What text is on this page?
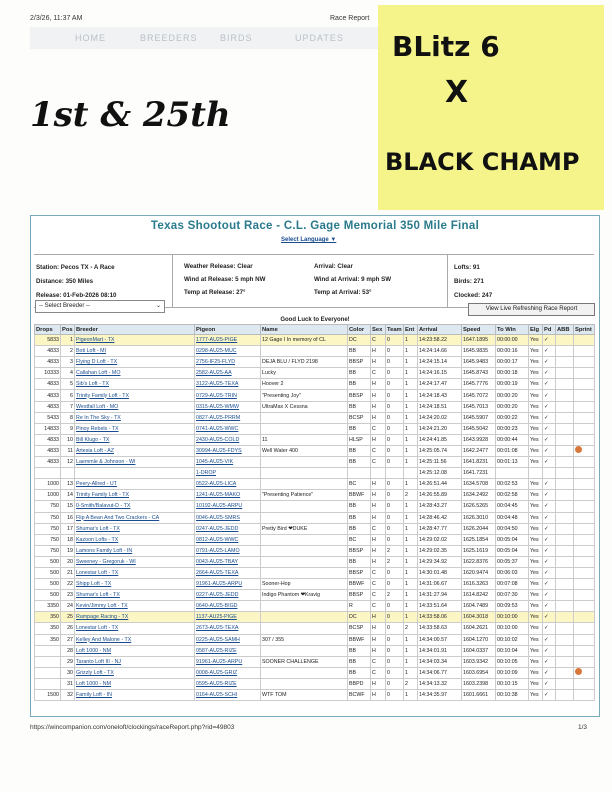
2/3/26, 11:37 AM	Race Report
HOME	BREEDERS BIRDS	UPDATES
1st & 25th
BLitz 6
X
BLACK CHAMP
Texas Shootout Race - C.L. Gage Memorial 350 Mile Final
Select Language ▼
Station: Pecos TX - A Race
Distance: 350 Miles
Release: 01-Feb-2026 08:10
Weather Release: Clear	Arrival: Clear
Wind at Release: 5 mph NW	Wind at Arrival: 9 mph SW
Temp at Release: 27°	Temp at Arrival: 53°
Lofts: 91
Birds: 271
Clocked: 247
-- Select Breeder --	⌄	View Live Refreshing Race Report
Good Luck to Everyone!
Drops	Pos	Breeder	Pigeon	Name	Color	Sex	Team	Ent	Arrival	Speed	To Win	Elg	Pd	ABB	Sprint
5833	1	PigeonMart - TX	1777-AU25-PIGE	12 Gage I In memory of CL	DC	C	0	1	14:23:58.22	1647.1895	00:00:00	Yes	✓		
4833	2	Boti Loft - MI	0298-AU25-MUC		BB	H	0	1	14:24:14.66	1645.9835	00:00:16	Yes	✓		
4833	3	Flying D Loft - TX	2756-IF25-FLYD	DEJA BLU / FLYD 2198	BBSP	H	0	1	14:24:15.14	1645.9483	00:00:17	Yes	✓		
10333	4	Callahan Loft - MO	2582-AU25-AA	Lucky	BB	C	0	1	14:24:16.15	1645.8743	00:00:18	Yes	✓		
4833	5	Sib's Loft - TX	3122-AU25-TEXA	Hoover 2	BB	H	0	1	14:24:17.47	1645.7776	00:00:19	Yes	✓		
4833	6	Trinity Family Loft - TX	0729-AU25-TRIN	"Presenting Joy"	BBSP	H	0	1	14:24:18.43	1645.7072	00:00:20	Yes	✓		
4833	7	Westfall Loft - MO	0315-AU25-WMW	UltraMax X Cessna	BB	H	0	1	14:24:18.51	1645.7013	00:00:20	Yes	✓		
5433	8	Re In The Sky - TX	0827-AU25-PRRM		BCSP	H	0	1	14:24:20.02	1645.5907	00:00:22	Yes	✓		
14833	9	Pinoy Rebels - TX	0741-AU25-WWC		BB	C	0	1	14:24:21.20	1645.5042	00:00:23	Yes	✓		
4833	10	Bill Klugo - TX	2430-AU25-COLD	11	HLSP	H	0	1	14:24:41.85	1643.9928	00:00:44	Yes	✓		
4833	11	Artesia Loft - AZ	30994-AU25-FDYS	Well Water 400	BB	C	0	1	14:25:05.74	1642.2477	00:01:08	Yes	✓		
4833	12	Laemmle & Johnson - WI	1045-AU25-VIK		BB	C	0	1	14:25:11.56	1641.8231	00:01:13	Yes	✓		
			1-DROP						14:25:12.08	1641.7231					
1000	13	Peery-Allred - UT	0522-AU25-LICA		BC	H	0	1	14:26:51.44	1634.5708	00:02:53	Yes	✓		
1000	14	Trinity Family Loft - TX	1241-AU25-MAKO	"Presenting Patience"	BBWF	H	0	2	14:26:55.89	1634.2492	00:02:58	Yes	✓		
750	15	0-Smith/Balavut-D - TX	10192-AU25-ARPU		BB	H	0	1	14:28:43.27	1626.5265	00:04:45	Yes	✓		
750	16	Flip A Bean And Two Crackers - CA	0046-AU25-SMRS		BB	H	0	1	14:28:46.42	1626.3010	00:04:48	Yes	✓		
750	17	Shumar's Loft - TX	0247-AU25-JEDD	Pretty Bird ❤DUKE	BB	C	0	1	14:28:47.77	1626.2044	00:04:50	Yes	✓		
750	18	Kazoon Lofts - TX	0812-AU25-WWC		BC	H	0	1	14:29:02.02	1625.1854	00:05:04	Yes	✓		
750	19	Lamons Family Loft - IN	0791-AU25-LAMO		BBSP	H	2	1	14:29:02.35	1625.1619	00:05:04	Yes	✓		
500	20	Sweeney - Gregoruk - WI	0043-AU25-TBAY		BB	H	2	1	14:29:34.92	1622.8376	00:05:37	Yes	✓		
500	21	Lonestar Loft - TX	2664-AU25-TEXA		BBSP	C	0	1	14:30:01.48	1620.9474	00:06:03	Yes	✓		
500	22	Shipp Loft - TX	91961-AU25-ARPU	Sooner-Hop	BBWF	C	0	1	14:31:06.67	1616.3263	00:07:08	Yes	✓		
500	23	Shumar's Loft - TX	0227-AU25-JEDD	Indigo Phantom ❤Kravig	BBSP	C	2	1	14:31:27.94	1614.8242	00:07:30	Yes	✓		
3350	24	Kevin/Jimmy Loft - TX	0640-AU25-BIGD		R	C	0	1	14:33:51.64	1604.7489	00:09:53	Yes	✓		
350	25	Rampage Racing - TX	1137-AU25-PIGE		DC	H	0	1	14:33:58.06	1604.3018	00:10:00	Yes	✓		
350	26	Lonestar Loft - TX	2673-AU25-TEXA		BCSP	H	0	2	14:33:58.63	1604.2621	00:10:00	Yes	✓		
350	27	Kelley And Malone - TX	0225-AU25-SAMH	307 / 355	BBWF	H	0	1	14:34:00.57	1604.1270	00:10:02	Yes	✓		
	28	Loft 1000 - NM	0587-AU25-RIZE		BB	H	0	1	14:34:01.91	1604.0337	00:10:04	Yes	✓		
	29	Taranto Loft III - NJ	91961-AU25-ARPU	SOONER CHALLENGE	BB	C	0	1	14:34:03.34	1603.9342	00:10:05	Yes	✓		
	30	Grizzly Loft - TX	0008-AU25-GRIZ		BB	C	0	1	14:34:06.77	1603.6954	00:10:09	Yes	✓		
	31	Loft 1000 - NM	0595-AU25-RIZE		BBPD	H	0	2	14:34:13.32	1603.2398	00:10:15	Yes	✓		
1500	32	Family Loft - IN	0164-AU25-SCHI	WTF TOM	BCWF	H	0	1	14:34:35.97	1601.6661	00:10:38	Yes	✓		
https://wincompanion.com/oneloft/clockings/raceReport.php?rid=49803	1/3
